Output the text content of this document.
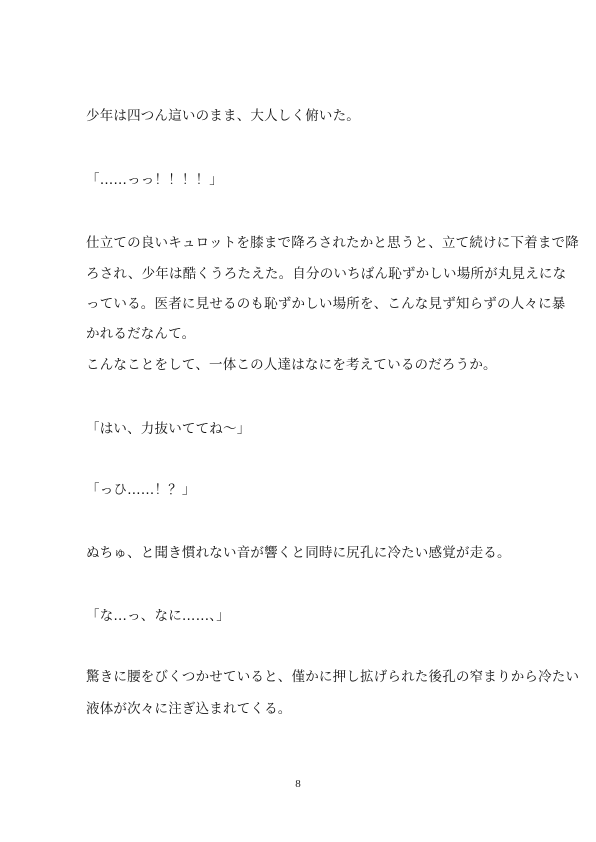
少年は四つん這いのまま、大人しく俯いた。
「……っっ！！！！」
仕立ての良いキュロットを膝まで降ろされたかと思うと、立て続けに下着まで降
ろされ、少年は酷くうろたえた。自分のいちばん恥ずかしい場所が丸見えにな
っている。医者に見せるのも恥ずかしい場所を、こんな見ず知らずの人々に暴
かれるだなんて。
こんなことをして、一体この人達はなにを考えているのだろうか。
「はい、力抜いててね〜」
「っひ……！？」
ぬちゅ、と聞き慣れない音が響くと同時に尻孔に冷たい感覚が走る。
「な…っ、なに……、」
驚きに腰をびくつかせていると、僅かに押し拡げられた後孔の窄まりから冷たい
液体が次々に注ぎ込まれてくる。
8
